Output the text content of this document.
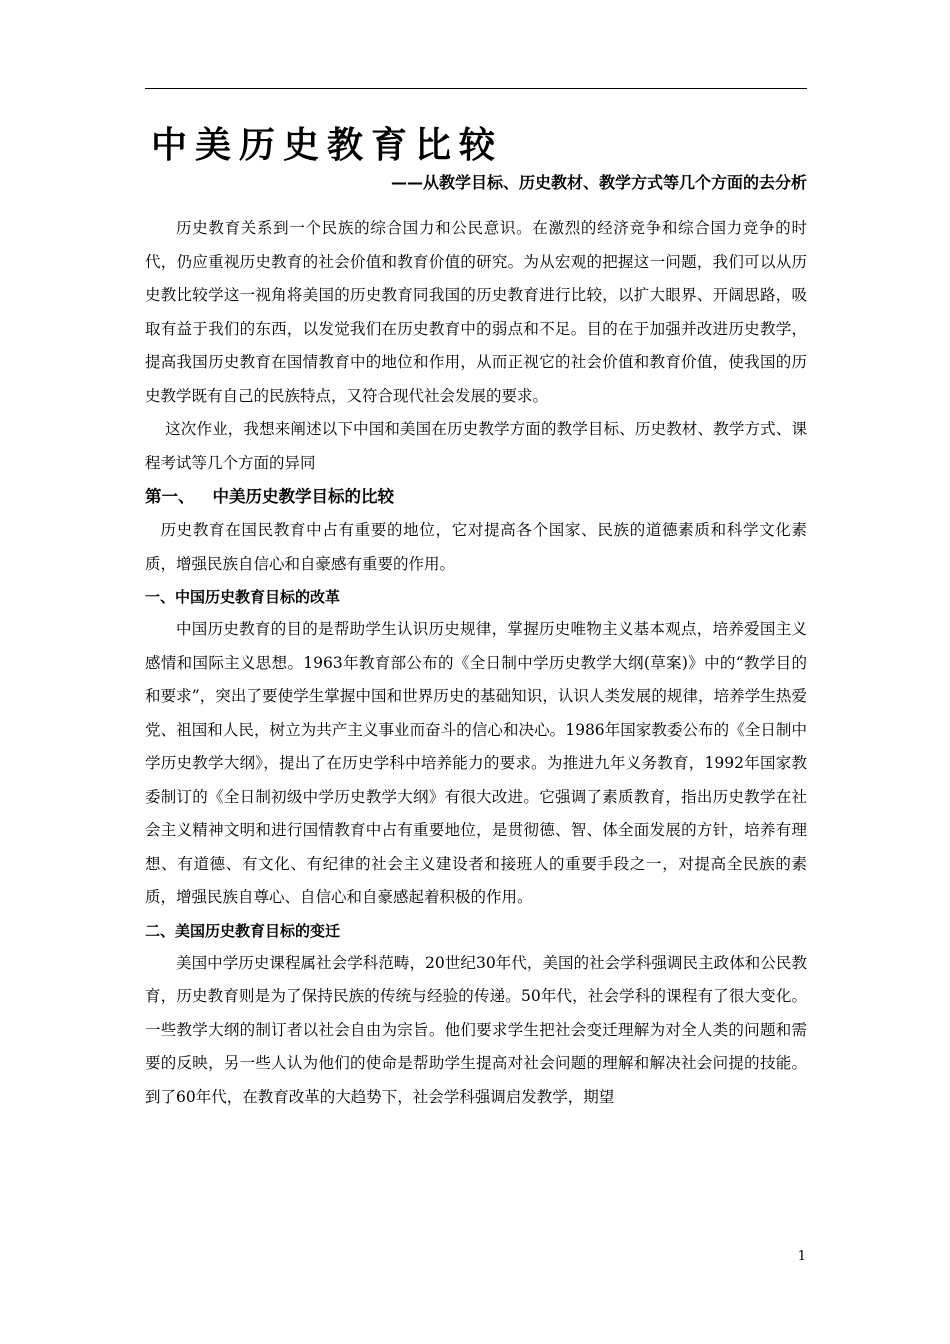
中美历史教育比较
——从教学目标、历史教材、教学方式等几个方面的去分析

历史教育关系到一个民族的综合国力和公民意识。在激烈的经济竞争和综合国力竞争的时代，仍应重视历史教育的社会价值和教育价值的研究。为从宏观的把握这一问题，我们可以从历史教比较学这一视角将美国的历史教育同我国的历史教育进行比较，以扩大眼界、开阔思路，吸取有益于我们的东西，以发觉我们在历史教育中的弱点和不足。目的在于加强并改进历史教学，提高我国历史教育在国情教育中的地位和作用，从而正视它的社会价值和教育价值，使我国的历史教学既有自己的民族特点，又符合现代社会发展的要求。

这次作业，我想来阐述以下中国和美国在历史教学方面的教学目标、历史教材、教学方式、课程考试等几个方面的异同

第一、 中美历史教学目标的比较

历史教育在国民教育中占有重要的地位，它对提高各个国家、民族的道德素质和科学文化素质，增强民族自信心和自豪感有重要的作用。

一、中国历史教育目标的改革

中国历史教育的目的是帮助学生认识历史规律，掌握历史唯物主义基本观点，培养爱国主义感情和国际主义思想。1963年教育部公布的《全日制中学历史教学大纲(草案)》中的“教学目的和要求”，突出了要使学生掌握中国和世界历史的基础知识，认识人类发展的规律，培养学生热爱党、祖国和人民，树立为共产主义事业而奋斗的信心和决心。1986年国家教委公布的《全日制中学历史教学大纲》，提出了在历史学科中培养能力的要求。为推进九年义务教育，1992年国家教委制订的《全日制初级中学历史教学大纲》有很大改进。它强调了素质教育，指出历史教学在社会主义精神文明和进行国情教育中占有重要地位，是贯彻德、智、体全面发展的方针，培养有理想、有道德、有文化、有纪律的社会主义建设者和接班人的重要手段之一，对提高全民族的素质，增强民族自尊心、自信心和自豪感起着积极的作用。

二、美国历史教育目标的变迁

美国中学历史课程属社会学科范畴，20世纪30年代，美国的社会学科强调民主政体和公民教育，历史教育则是为了保持民族的传统与经验的传递。50年代，社会学科的课程有了很大变化。一些教学大纲的制订者以社会自由为宗旨。他们要求学生把社会变迁理解为对全人类的问题和需要的反映，另一些人认为他们的使命是帮助学生提高对社会问题的理解和解决社会问提的技能。到了60年代，在教育改革的大趋势下，社会学科强调启发教学，期望

1
